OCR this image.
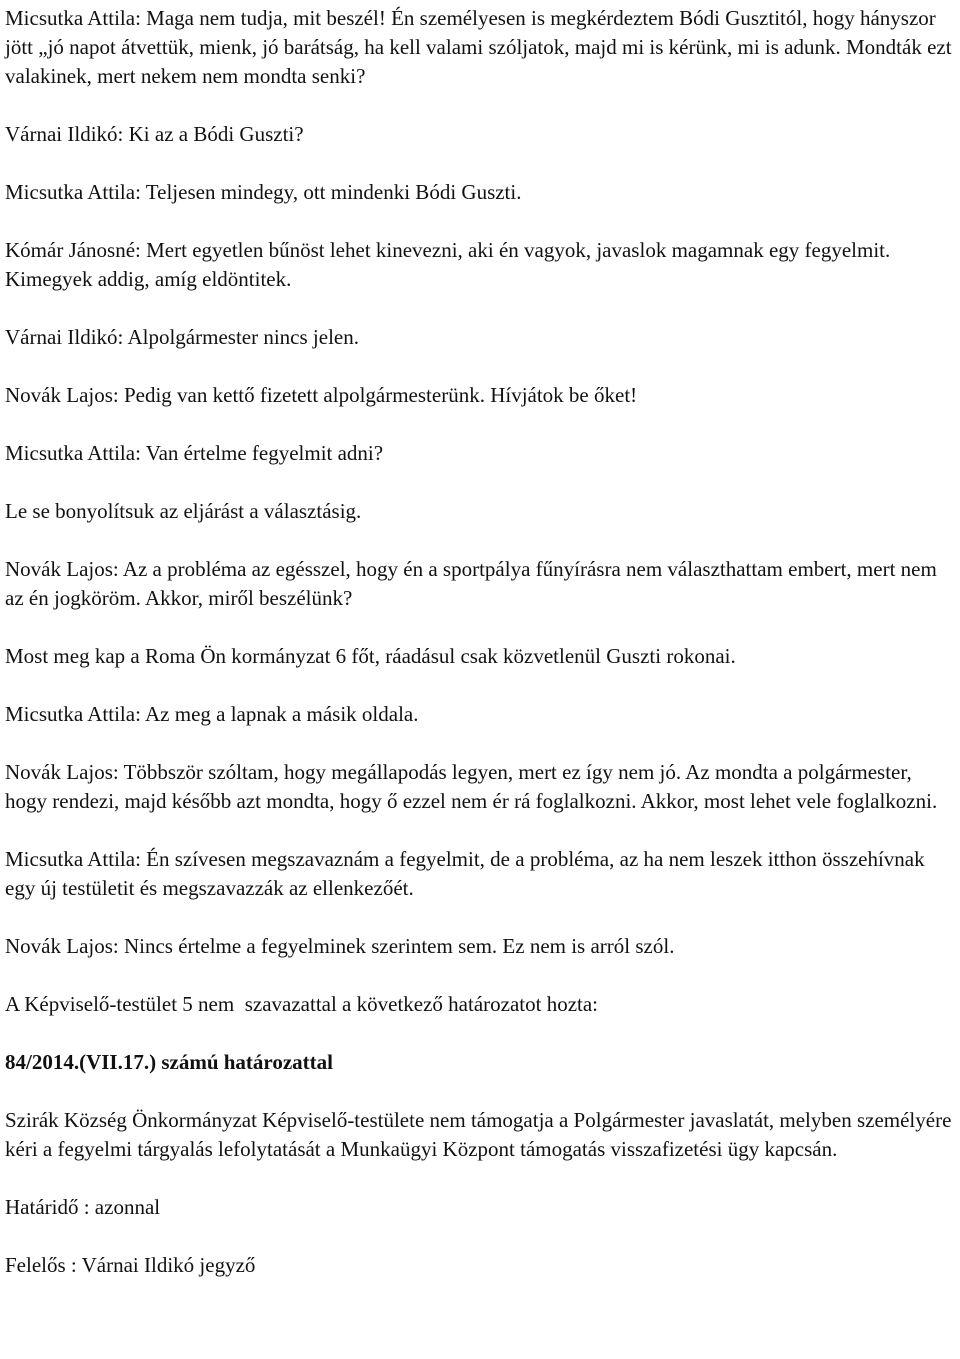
Micsutka Attila: Maga nem tudja, mit beszél! Én személyesen is megkérdeztem Bódi Gusztitól, hogy hányszor jött „jó napot átvettük, mienk, jó barátság, ha kell valami szóljatok, majd mi is kérünk, mi is adunk. Mondták ezt valakinek, mert nekem nem mondta senki?

Várnai Ildikó: Ki az a Bódi Guszti?

Micsutka Attila: Teljesen mindegy, ott mindenki Bódi Guszti.

Kómár Jánosné: Mert egyetlen bűnöst lehet kinevezni, aki én vagyok, javaslok magamnak egy fegyelmit. Kimegyek addig, amíg eldöntitek.

Várnai Ildikó: Alpolgármester nincs jelen.

Novák Lajos: Pedig van kettő fizetett alpolgármesterünk. Hívjátok be őket!

Micsutka Attila: Van értelme fegyelmit adni?

Le se bonyolítsuk az eljárást a választásig.

Novák Lajos: Az a probléma az egésszel, hogy én a sportpálya fűnyírásra nem választhattam embert, mert nem az én jogköröm. Akkor, miről beszélünk?

Most meg kap a Roma Ön kormányzat 6 főt, ráadásul csak közvetlenül Guszti rokonai.

Micsutka Attila: Az meg a lapnak a másik oldala.

Novák Lajos: Többször szóltam, hogy megállapodás legyen, mert ez így nem jó. Az mondta a polgármester, hogy rendezi, majd később azt mondta, hogy ő ezzel nem ér rá foglalkozni. Akkor, most lehet vele foglalkozni.

Micsutka Attila: Én szívesen megszavaznám a fegyelmit, de a probléma, az ha nem leszek itthon összehívnak egy új testületit és megszavazzák az ellenkezőét.

Novák Lajos: Nincs értelme a fegyelminek szerintem sem. Ez nem is arról szól.

A Képviselő-testület 5 nem  szavazattal a következő határozatot hozta:

84/2014.(VII.17.) számú határozattal

Szirák Község Önkormányzat Képviselő-testülete nem támogatja a Polgármester javaslatát, melyben személyére kéri a fegyelmi tárgyalás lefolytatását a Munkaügyi Központ támogatás visszafizetési ügy kapcsán.

Határidő : azonnal

Felelős : Várnai Ildikó jegyző
